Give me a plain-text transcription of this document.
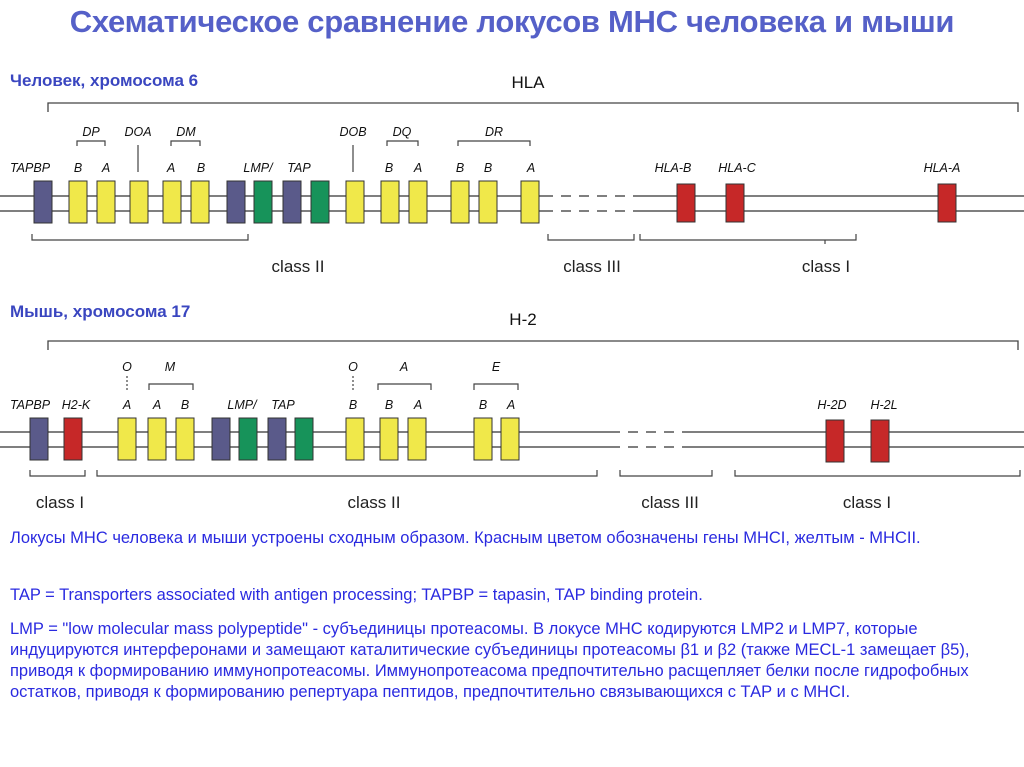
Схематическое сравнение локусов МНС человека и мыши
Человек, хромосома 6
Мышь, хромосома 17
HLA
DP DOA DM	DOB DQ	DR
TAPBP B A	A B	LMP/ TAP	B A	B B	A	HLA-B HLA-C	HLA-A
class II	class III	class I
H-2
O	M	O	A	E
TAPBP H2-K	A A B	LMP/ TAP	B B A	B A	H-2D H-2L
class I	class II	class III	class I
Локусы МНС человека и мыши устроены сходным образом. Красным цветом обозначены гены МНСI, желтым - МНСII.
TAP = Transporters associated with antigen processing; TAPBP = tapasin, TAP binding protein.
LMP = "low molecular mass polypeptide" - субъединицы протеасомы. В локусе МНС кодируются LMP2 и LMP7, которые индуцируются интерферонами и замещают каталитические субъединицы протеасомы β1 и β2 (также MECL-1 замещает β5), приводя к формированию иммунопротеасомы. Иммунопротеасома предпочтительно расщепляет белки после гидрофобных остатков, приводя к формированию репертуара пептидов, предпочтительно связывающихся с ТАР и с МНСI.
